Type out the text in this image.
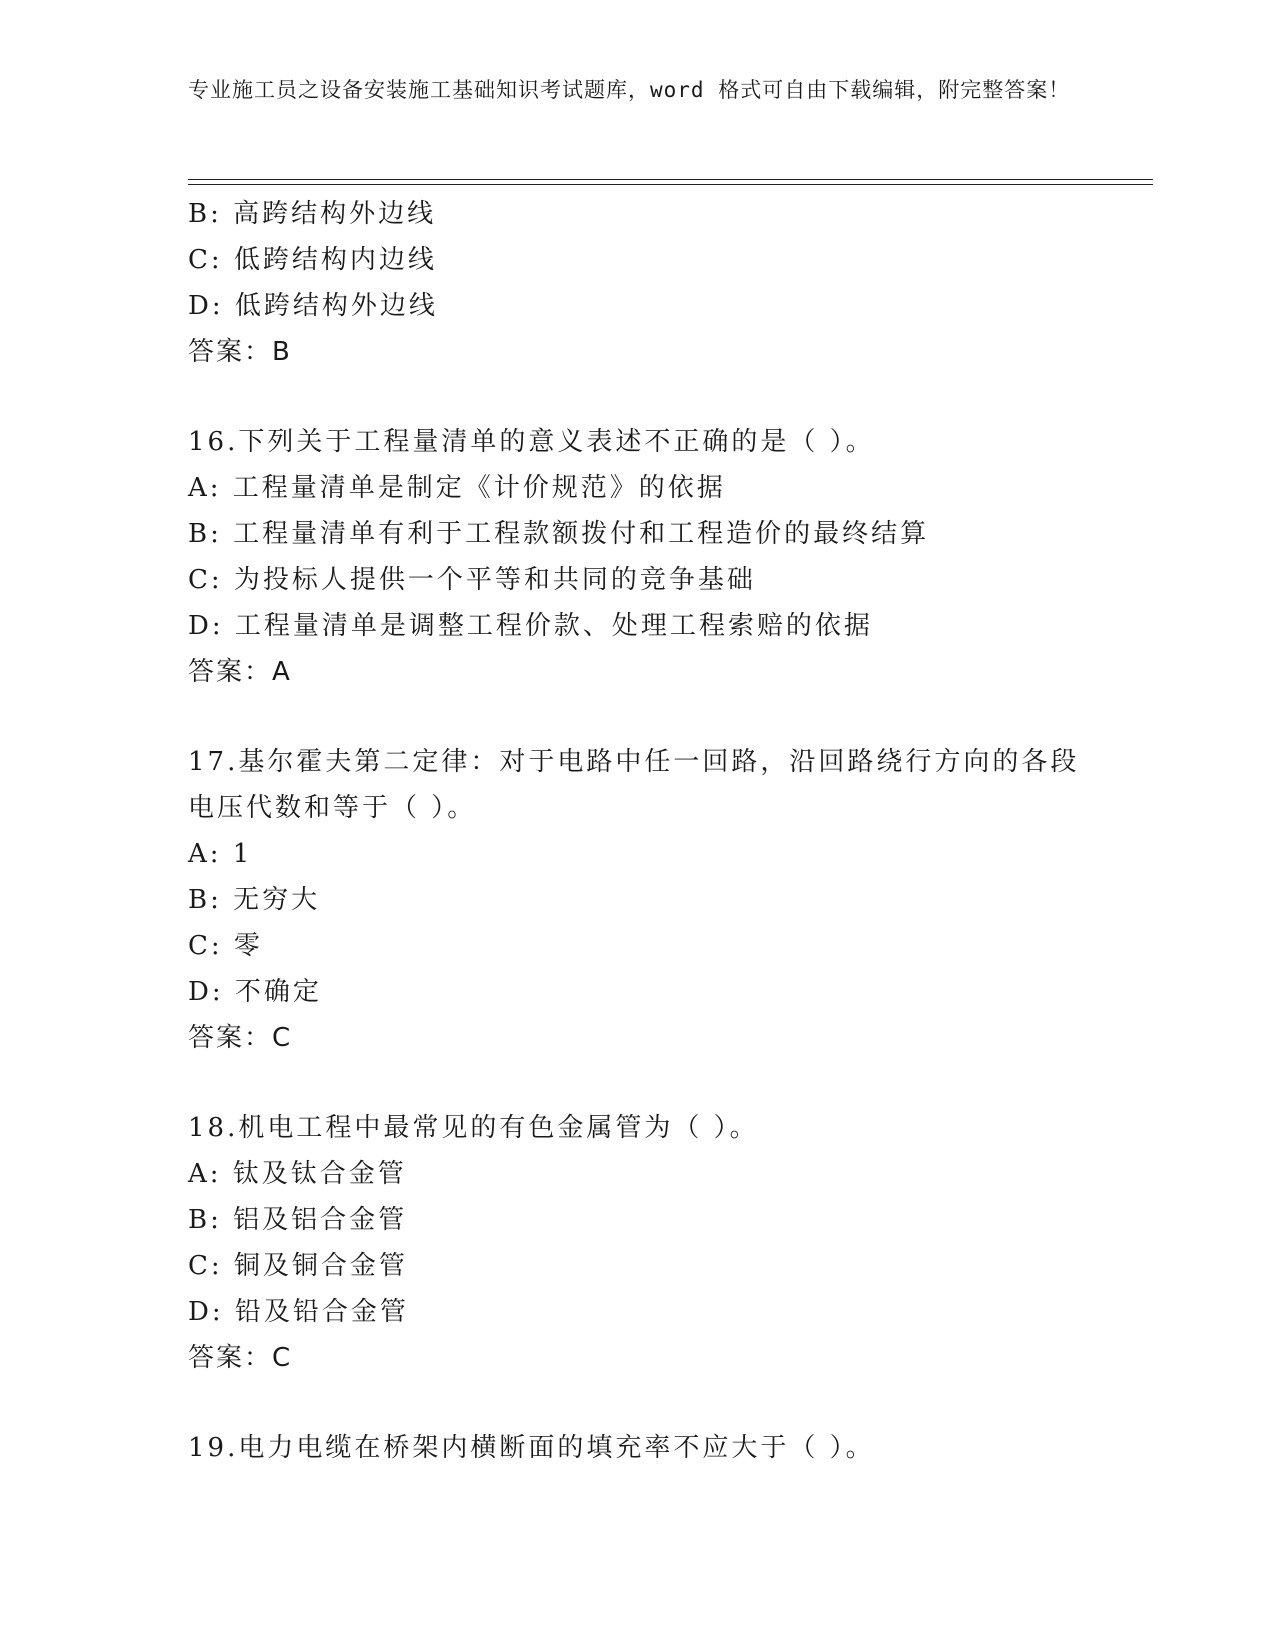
专业施工员之设备安装施工基础知识考试题库，word 格式可自由下载编辑，附完整答案！
B: 高跨结构外边线
C: 低跨结构内边线
D: 低跨结构外边线
答案：B
16.下列关于工程量清单的意义表述不正确的是（ ）。
A: 工程量清单是制定《计价规范》的依据
B: 工程量清单有利于工程款额拨付和工程造价的最终结算
C: 为投标人提供一个平等和共同的竞争基础
D: 工程量清单是调整工程价款、处理工程索赔的依据
答案：A
17.基尔霍夫第二定律：对于电路中任一回路，沿回路绕行方向的各段
电压代数和等于（ ）。
A: 1
B: 无穷大
C: 零
D: 不确定
答案：C
18.机电工程中最常见的有色金属管为（ ）。
A: 钛及钛合金管
B: 铝及铝合金管
C: 铜及铜合金管
D: 铅及铅合金管
答案：C
19.电力电缆在桥架内横断面的填充率不应大于（ ）。
